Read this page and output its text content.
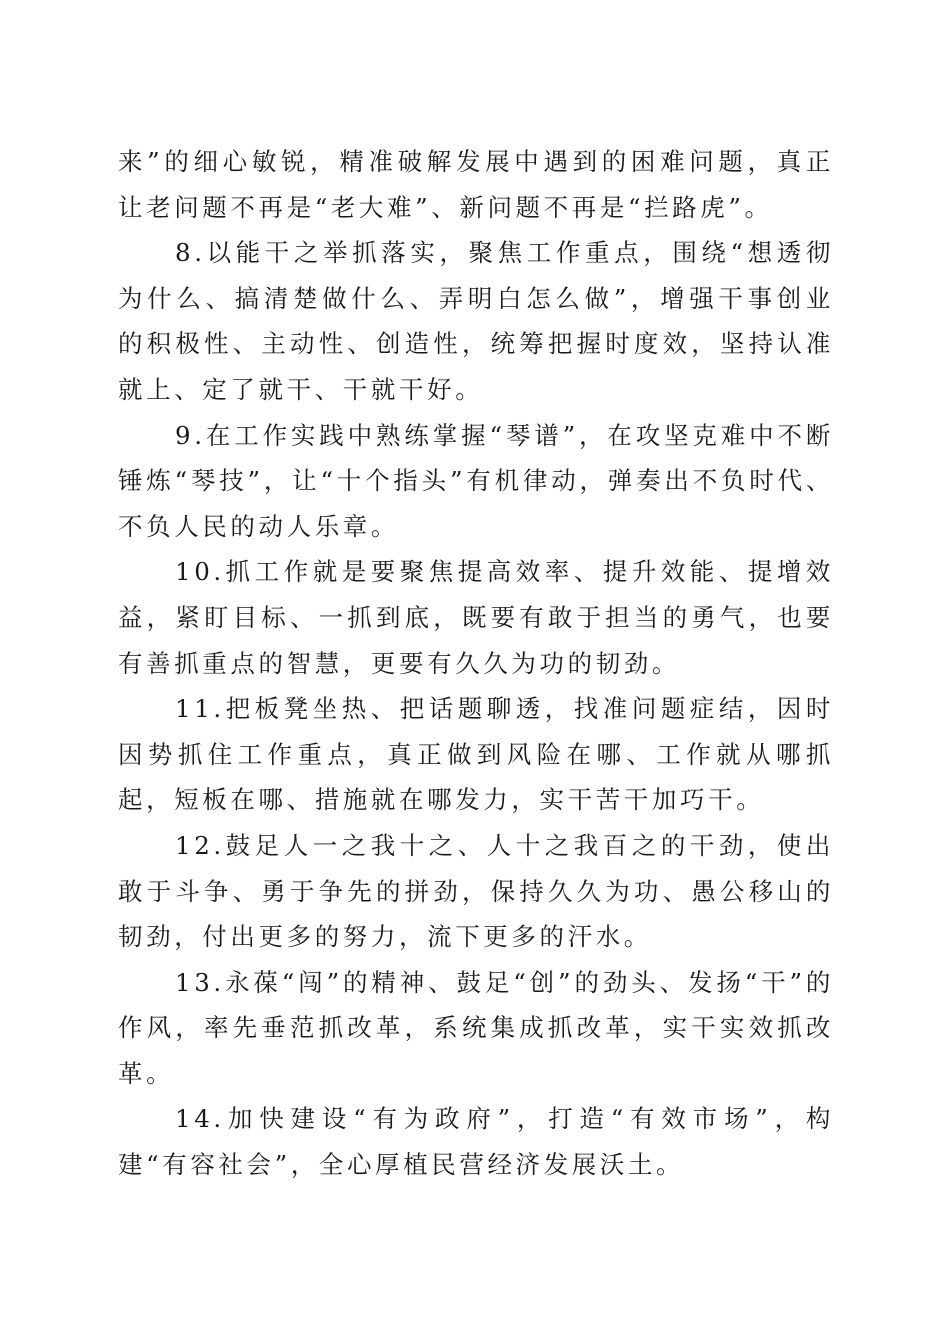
来”的细心敏锐，精准破解发展中遇到的困难问题，真正让老问题不再是“老大难”、新问题不再是“拦路虎”。

8.以能干之举抓落实，聚焦工作重点，围绕“想透彻为什么、搞清楚做什么、弄明白怎么做”，增强干事创业的积极性、主动性、创造性，统筹把握时度效，坚持认准就上、定了就干、干就干好。

9.在工作实践中熟练掌握“琴谱”，在攻坚克难中不断锤炼“琴技”，让“十个指头”有机律动，弹奏出不负时代、不负人民的动人乐章。

10.抓工作就是要聚焦提高效率、提升效能、提增效益，紧盯目标、一抓到底，既要有敢于担当的勇气，也要有善抓重点的智慧，更要有久久为功的韧劲。

11.把板凳坐热、把话题聊透，找准问题症结，因时因势抓住工作重点，真正做到风险在哪、工作就从哪抓起，短板在哪、措施就在哪发力，实干苦干加巧干。

12.鼓足人一之我十之、人十之我百之的干劲，使出敢于斗争、勇于争先的拼劲，保持久久为功、愚公移山的韧劲，付出更多的努力，流下更多的汗水。

13.永葆“闯”的精神、鼓足“创”的劲头、发扬“干”的作风，率先垂范抓改革，系统集成抓改革，实干实效抓改革。

14.加快建设“有为政府”，打造“有效市场”，构建“有容社会”，全心厚植民营经济发展沃土。
